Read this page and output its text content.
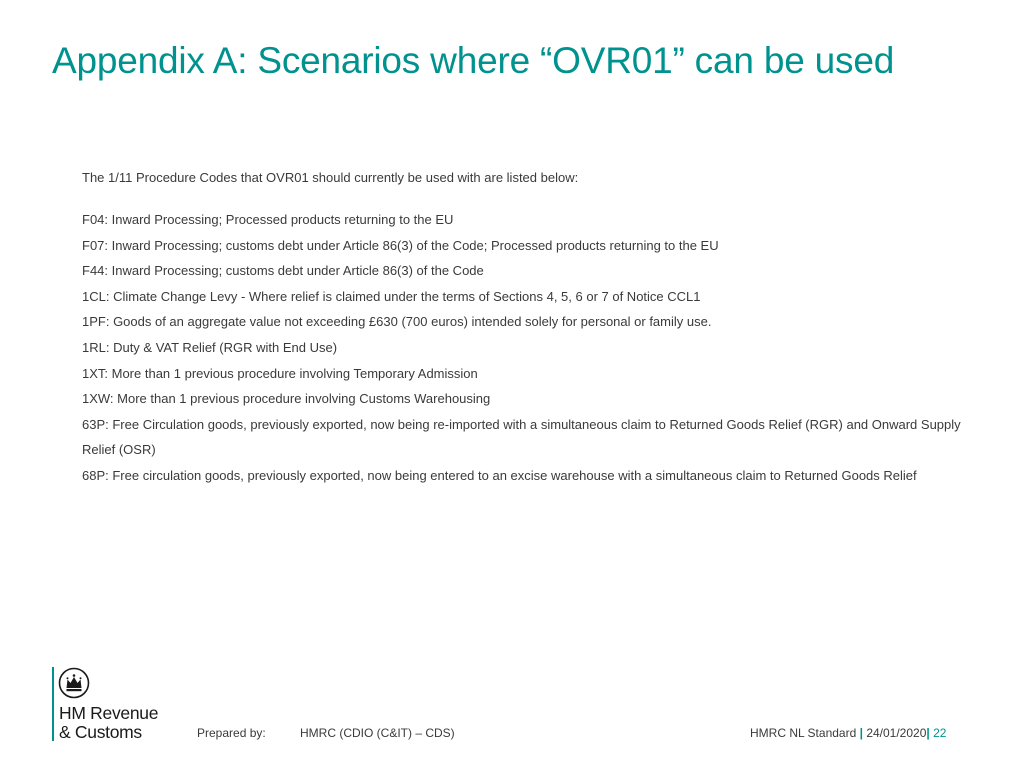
Appendix A: Scenarios where “OVR01” can be used

The 1/11 Procedure Codes that OVR01 should currently be used with are listed below:

F04: Inward Processing; Processed products returning to the EU
F07: Inward Processing; customs debt under Article 86(3) of the Code; Processed products returning to the EU
F44: Inward Processing; customs debt under Article 86(3) of the Code
1CL: Climate Change Levy - Where relief is claimed under the terms of Sections 4, 5, 6 or 7 of Notice CCL1
1PF: Goods of an aggregate value not exceeding £630 (700 euros) intended solely for personal or family use.
1RL: Duty & VAT Relief (RGR with End Use)
1XT: More than 1 previous procedure involving Temporary Admission
1XW: More than 1 previous procedure involving Customs Warehousing
63P: Free Circulation goods, previously exported, now being re-imported with a simultaneous claim to Returned Goods Relief (RGR) and Onward Supply Relief (OSR)
68P: Free circulation goods, previously exported, now being entered to an excise warehouse with a simultaneous claim to Returned Goods Relief
HM Revenue
& Customs	Prepared by:	HMRC (CDIO (C&IT) – CDS)	HMRC NL Standard | 24/01/2020| 22
